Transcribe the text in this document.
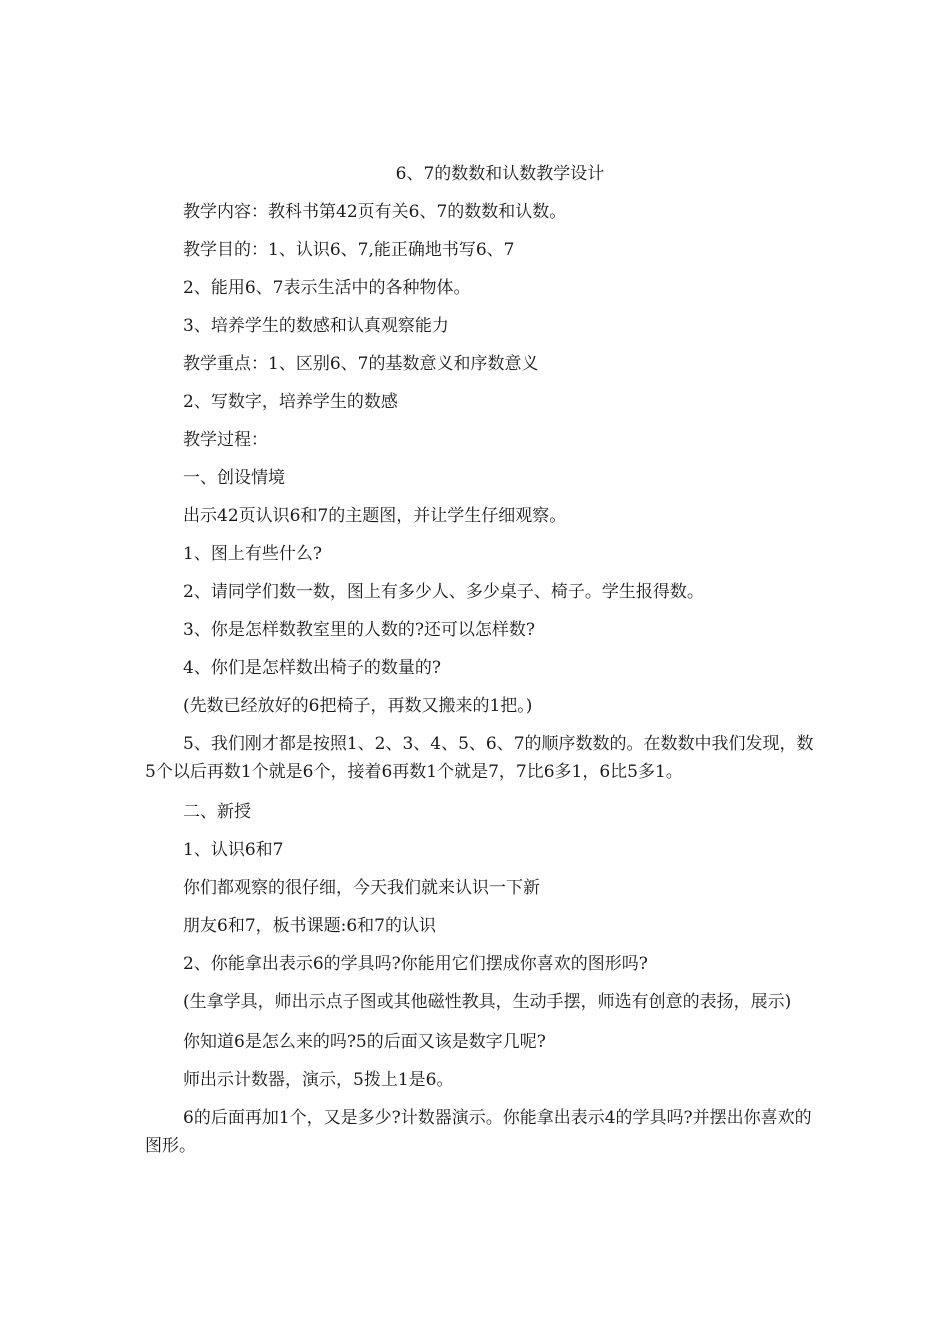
6、7的数数和认数教学设计
教学内容：教科书第42页有关6、7的数数和认数。
教学目的：1、认识6、7,能正确地书写6、7
2、能用6、7表示生活中的各种物体。
3、培养学生的数感和认真观察能力
教学重点：1、区别6、7的基数意义和序数意义
2、写数字，培养学生的数感
教学过程：
一、创设情境
出示42页认识6和7的主题图，并让学生仔细观察。
1、图上有些什么?
2、请同学们数一数，图上有多少人、多少桌子、椅子。学生报得数。
3、你是怎样数教室里的人数的?还可以怎样数?
4、你们是怎样数出椅子的数量的?
(先数已经放好的6把椅子，再数又搬来的1把。)
5、我们刚才都是按照1、2、3、4、5、6、7的顺序数数的。在数数中我们发现，数5个以后再数1个就是6个，接着6再数1个就是7，7比6多1，6比5多1。
二、新授
1、认识6和7
你们都观察的很仔细，今天我们就来认识一下新
朋友6和7，板书课题:6和7的认识
2、你能拿出表示6的学具吗?你能用它们摆成你喜欢的图形吗?
(生拿学具，师出示点子图或其他磁性教具，生动手摆，师选有创意的表扬，展示)
你知道6是怎么来的吗?5的后面又该是数字几呢?
师出示计数器，演示，5拨上1是6。
6的后面再加1个，又是多少?计数器演示。你能拿出表示4的学具吗?并摆出你喜欢的图形。
